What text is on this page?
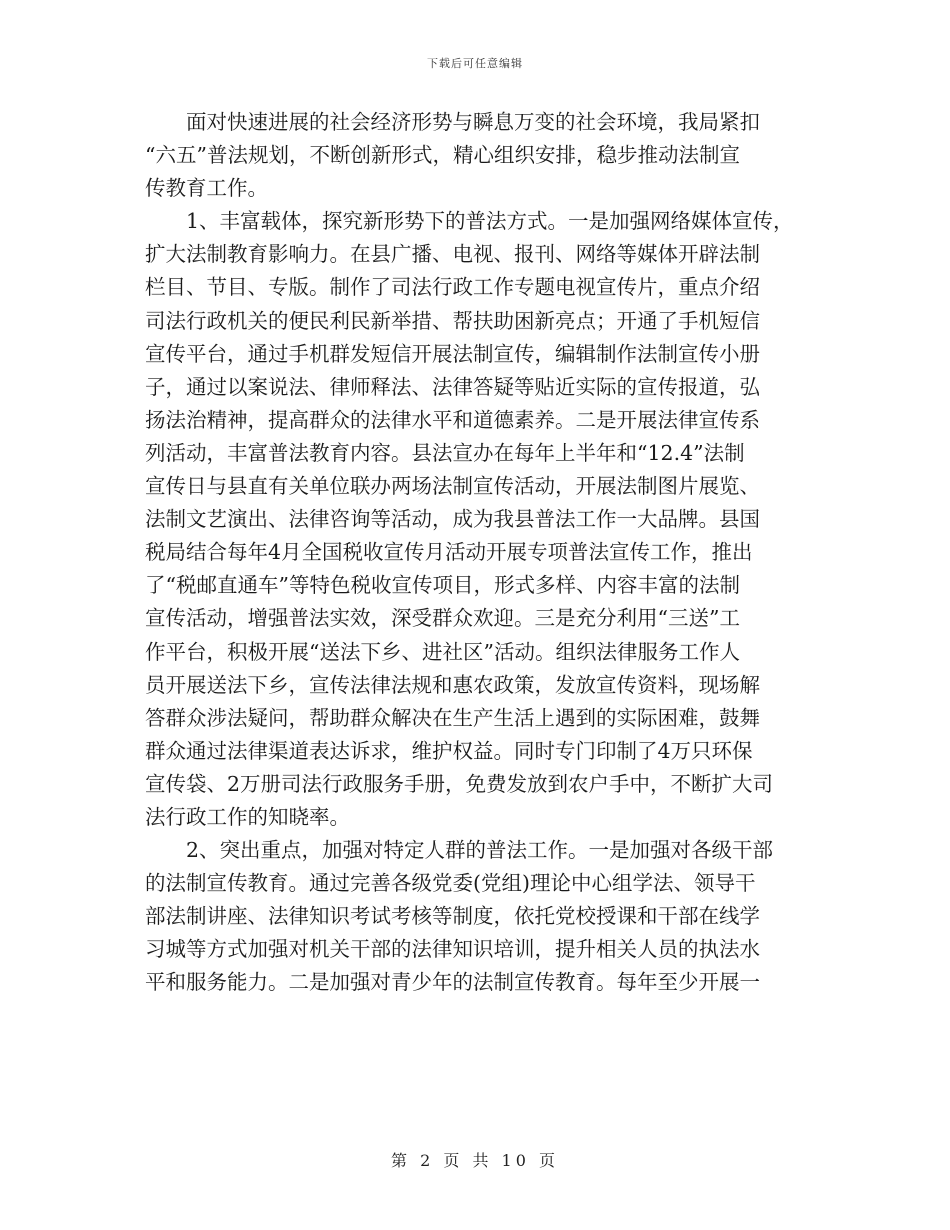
下载后可任意编辑
面对快速进展的社会经济形势与瞬息万变的社会环境，我局紧扣
“六五”普法规划，不断创新形式，精心组织安排，稳步推动法制宣
传教育工作。
1、丰富载体，探究新形势下的普法方式。一是加强网络媒体宣传，
扩大法制教育影响力。在县广播、电视、报刊、网络等媒体开辟法制
栏目、节目、专版。制作了司法行政工作专题电视宣传片，重点介绍
司法行政机关的便民利民新举措、帮扶助困新亮点；开通了手机短信
宣传平台，通过手机群发短信开展法制宣传，编辑制作法制宣传小册
子，通过以案说法、律师释法、法律答疑等贴近实际的宣传报道，弘
扬法治精神，提高群众的法律水平和道德素养。二是开展法律宣传系
列活动，丰富普法教育内容。县法宣办在每年上半年和“12.4”法制
宣传日与县直有关单位联办两场法制宣传活动，开展法制图片展览、
法制文艺演出、法律咨询等活动，成为我县普法工作一大品牌。县国
税局结合每年4月全国税收宣传月活动开展专项普法宣传工作，推出
了“税邮直通车”等特色税收宣传项目，形式多样、内容丰富的法制
宣传活动，增强普法实效，深受群众欢迎。三是充分利用“三送”工
作平台，积极开展“送法下乡、进社区”活动。组织法律服务工作人
员开展送法下乡，宣传法律法规和惠农政策，发放宣传资料，现场解
答群众涉法疑问，帮助群众解决在生产生活上遇到的实际困难，鼓舞
群众通过法律渠道表达诉求，维护权益。同时专门印制了4万只环保
宣传袋、2万册司法行政服务手册，免费发放到农户手中，不断扩大司
法行政工作的知晓率。
2、突出重点，加强对特定人群的普法工作。一是加强对各级干部
的法制宣传教育。通过完善各级党委(党组)理论中心组学法、领导干
部法制讲座、法律知识考试考核等制度，依托党校授课和干部在线学
习城等方式加强对机关干部的法律知识培训，提升相关人员的执法水
平和服务能力。二是加强对青少年的法制宣传教育。每年至少开展一
第 2 页 共 10 页
